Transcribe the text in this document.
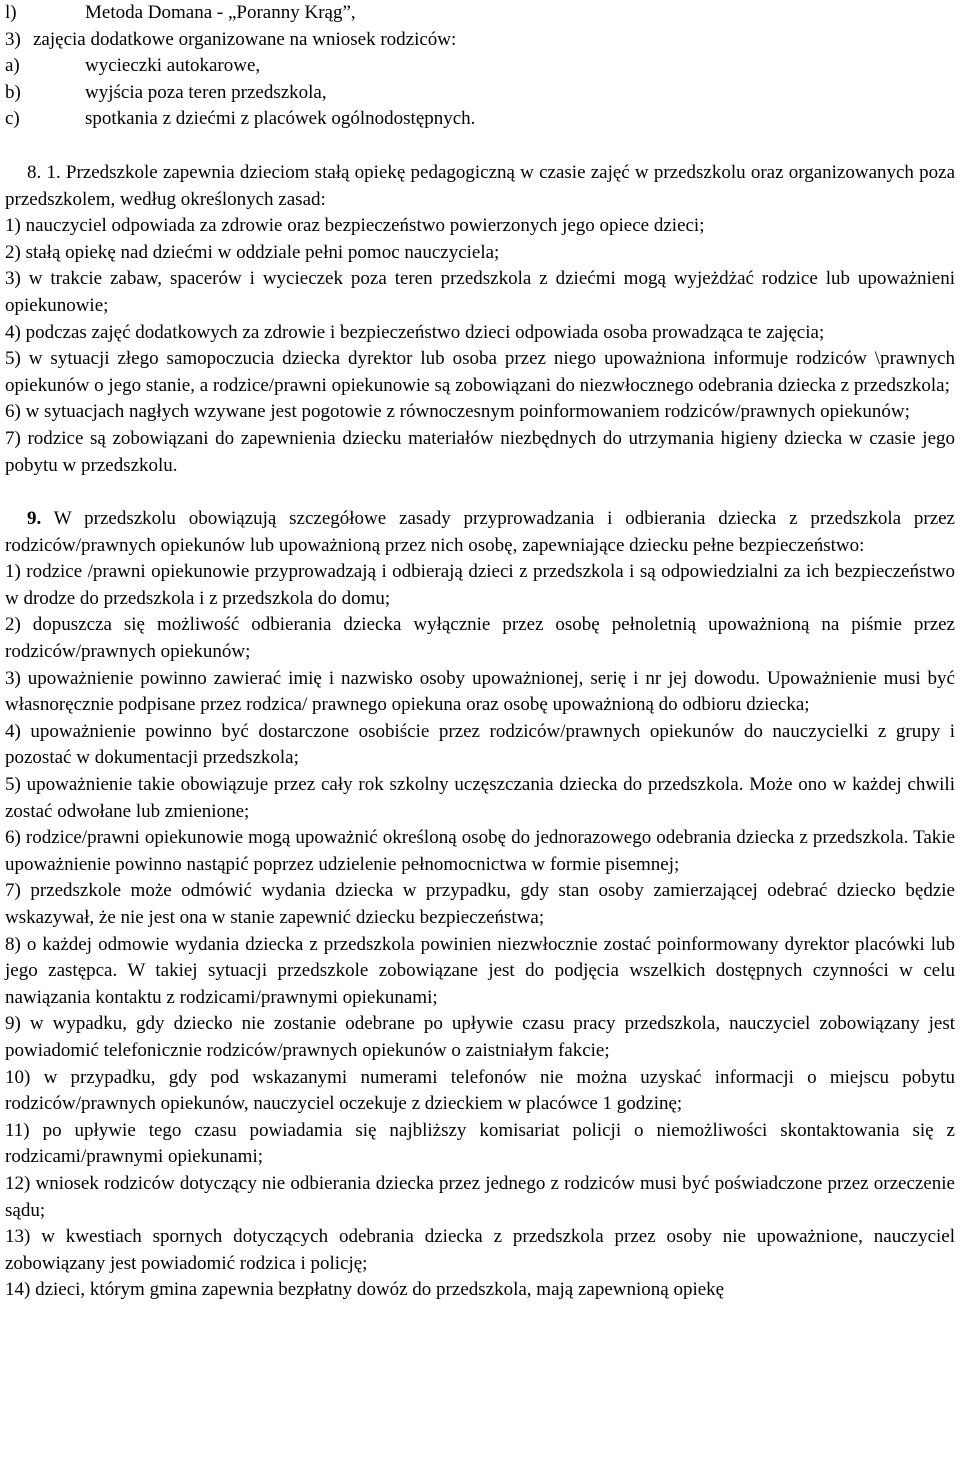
l)	Metoda Domana - „Poranny Krąg”,
3) zajęcia dodatkowe organizowane na wniosek rodziców:
a)	wycieczki autokarowe,
b)	wyjścia poza teren przedszkola,
c)	spotkania z dziećmi z placówek ogólnodostępnych.
8. 1. Przedszkole zapewnia dzieciom stałą opiekę pedagogiczną w czasie zajęć w przedszkolu oraz organizowanych poza przedszkolem, według określonych zasad:
1) nauczyciel odpowiada za zdrowie oraz bezpieczeństwo powierzonych jego opiece dzieci;
2) stałą opiekę nad dziećmi w oddziale pełni pomoc nauczyciela;
3) w trakcie zabaw, spacerów i wycieczek poza teren przedszkola z dziećmi mogą wyjeżdżać rodzice lub upoważnieni opiekunowie;
4) podczas zajęć dodatkowych za zdrowie i bezpieczeństwo dzieci odpowiada osoba prowadząca te zajęcia;
5) w sytuacji złego samopoczucia dziecka dyrektor lub osoba przez niego upoważniona informuje rodziców \prawnych opiekunów o jego stanie, a rodzice/prawni opiekunowie są zobowiązani do niezwłocznego odebrania dziecka z przedszkola;
6) w sytuacjach nagłych wzywane jest pogotowie z równoczesnym poinformowaniem rodziców/prawnych opiekunów;
7) rodzice są zobowiązani do zapewnienia dziecku materiałów niezbędnych do utrzymania higieny dziecka w czasie jego pobytu w przedszkolu.
9. W przedszkolu obowiązują szczegółowe zasady przyprowadzania i odbierania dziecka z przedszkola przez rodziców/prawnych opiekunów lub upoważnioną przez nich osobę, zapewniające dziecku pełne bezpieczeństwo:
1) rodzice /prawni opiekunowie przyprowadzają i odbierają dzieci z przedszkola i są odpowiedzialni za ich bezpieczeństwo w drodze do przedszkola i z przedszkola do domu;
2) dopuszcza się możliwość odbierania dziecka wyłącznie przez osobę pełnoletnią upoważnioną na piśmie przez rodziców/prawnych opiekunów;
3) upoważnienie powinno zawierać imię i nazwisko osoby upoważnionej, serię i nr jej dowodu. Upoważnienie musi być własnoręcznie podpisane przez rodzica/ prawnego opiekuna oraz osobę upoważnioną do odbioru dziecka;
4) upoważnienie powinno być dostarczone osobiście przez rodziców/prawnych opiekunów do nauczycielki z grupy i pozostać w dokumentacji przedszkola;
5) upoważnienie takie obowiązuje przez cały rok szkolny uczęszczania dziecka do przedszkola. Może ono w każdej chwili zostać odwołane lub zmienione;
6) rodzice/prawni opiekunowie mogą upoważnić określoną osobę do jednorazowego odebrania dziecka z przedszkola. Takie upoważnienie powinno nastąpić poprzez udzielenie pełnomocnictwa w formie pisemnej;
7) przedszkole może odmówić wydania dziecka w przypadku, gdy stan osoby zamierzającej odebrać dziecko będzie wskazywał, że nie jest ona w stanie zapewnić dziecku bezpieczeństwa;
8) o każdej odmowie wydania dziecka z przedszkola powinien niezwłocznie zostać poinformowany dyrektor placówki lub jego zastępca. W takiej sytuacji przedszkole zobowiązane jest do podjęcia wszelkich dostępnych czynności w celu nawiązania kontaktu z rodzicami/prawnymi opiekunami;
9) w wypadku, gdy dziecko nie zostanie odebrane po upływie czasu pracy przedszkola, nauczyciel zobowiązany jest powiadomić telefonicznie rodziców/prawnych opiekunów o zaistniałym fakcie;
10) w przypadku, gdy pod wskazanymi numerami telefonów nie można uzyskać informacji o miejscu pobytu rodziców/prawnych opiekunów, nauczyciel oczekuje z dzieckiem w placówce 1 godzinę;
11) po upływie tego czasu powiadamia się najbliższy komisariat policji o niemożliwości skontaktowania się z rodzicami/prawnymi opiekunami;
12) wniosek rodziców dotyczący nie odbierania dziecka przez jednego z rodziców musi być poświadczone przez orzeczenie sądu;
13) w kwestiach spornych dotyczących odebrania dziecka z przedszkola przez osoby nie upoważnione, nauczyciel zobowiązany jest powiadomić rodzica i policję;
14) dzieci, którym gmina zapewnia bezpłatny dowóz do przedszkola, mają zapewnioną opiekę
